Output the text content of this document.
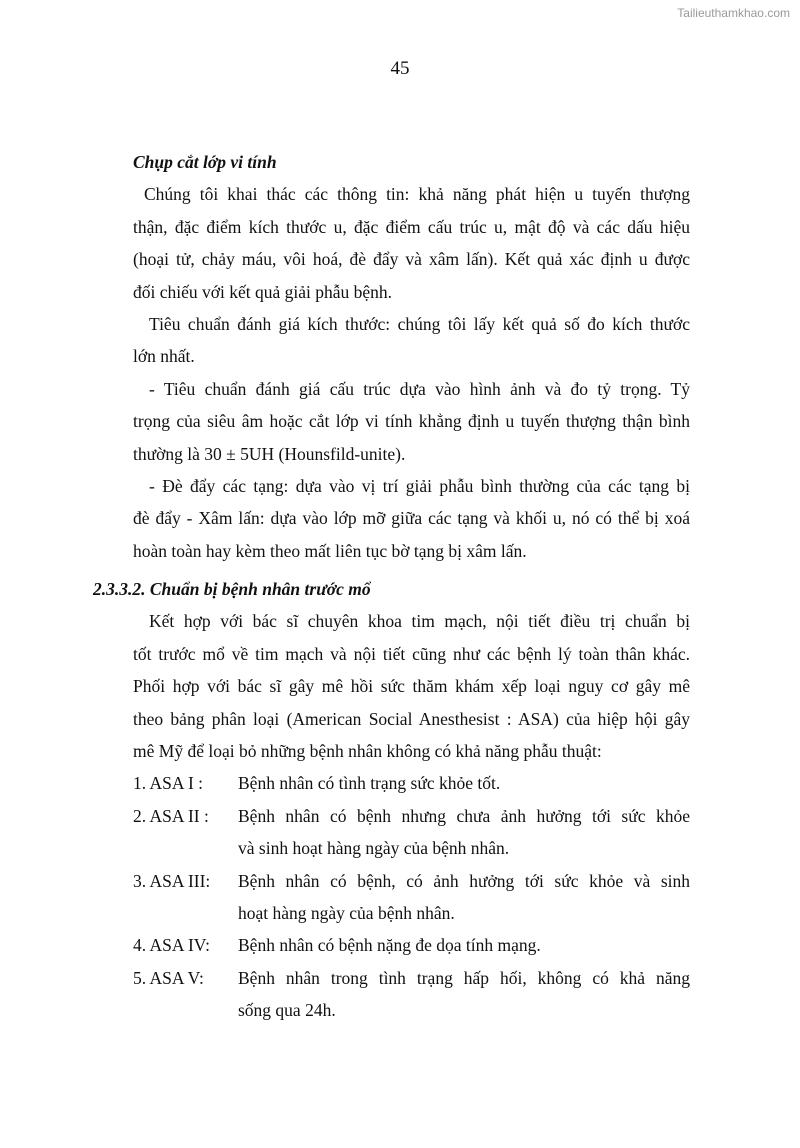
Tailieuthamkhao.com
45
Chụp cắt lớp vi tính
Chúng tôi khai thác các thông tin: khả năng phát hiện u tuyến thượng
thận, đặc điểm kích thước u, đặc điểm cấu trúc u, mật độ và các dấu hiệu
(hoại tử, chảy máu, vôi hoá, đè đẩy và xâm lấn). Kết quả xác định u được
đối chiếu với kết quả giải phẫu bệnh.
Tiêu chuẩn đánh giá kích thước: chúng tôi lấy kết quả số đo kích thước
lớn nhất.
- Tiêu chuẩn đánh giá cấu trúc dựa vào hình ảnh và đo tỷ trọng. Tỷ
trọng của siêu âm hoặc cắt lớp vi tính khẳng định u tuyến thượng thận bình
thường là 30 ± 5UH (Hounsfild-unite).
- Đè đẩy các tạng: dựa vào vị trí giải phẫu bình thường của các tạng bị
đè đẩy - Xâm lấn: dựa vào lớp mỡ giữa các tạng và khối u, nó có thể bị xoá
hoàn toàn hay kèm theo mất liên tục bờ tạng bị xâm lấn.
2.3.3.2. Chuẩn bị bệnh nhân trước mổ
Kết hợp với bác sĩ chuyên khoa tim mạch, nội tiết điều trị chuẩn bị
tốt trước mổ về tim mạch và nội tiết cũng như các bệnh lý toàn thân khác.
Phối hợp với bác sĩ gây mê hồi sức thăm khám xếp loại nguy cơ gây mê
theo bảng phân loại (American Social Anesthesist : ASA) của hiệp hội gây
mê Mỹ để loại bỏ những bệnh nhân không có khả năng phẫu thuật:
1. ASA I :	Bệnh nhân có tình trạng sức khỏe tốt.
2. ASA II :	Bệnh nhân có bệnh nhưng chưa ảnh hưởng tới sức khỏe
và sinh hoạt hàng ngày của bệnh nhân.
3. ASA III:	Bệnh nhân có bệnh, có ảnh hưởng tới sức khỏe và sinh
hoạt hàng ngày của bệnh nhân.
4. ASA IV:	Bệnh nhân có bệnh nặng đe dọa tính mạng.
5. ASA V:	Bệnh nhân trong tình trạng hấp hối, không có khả năng
sống qua 24h.
